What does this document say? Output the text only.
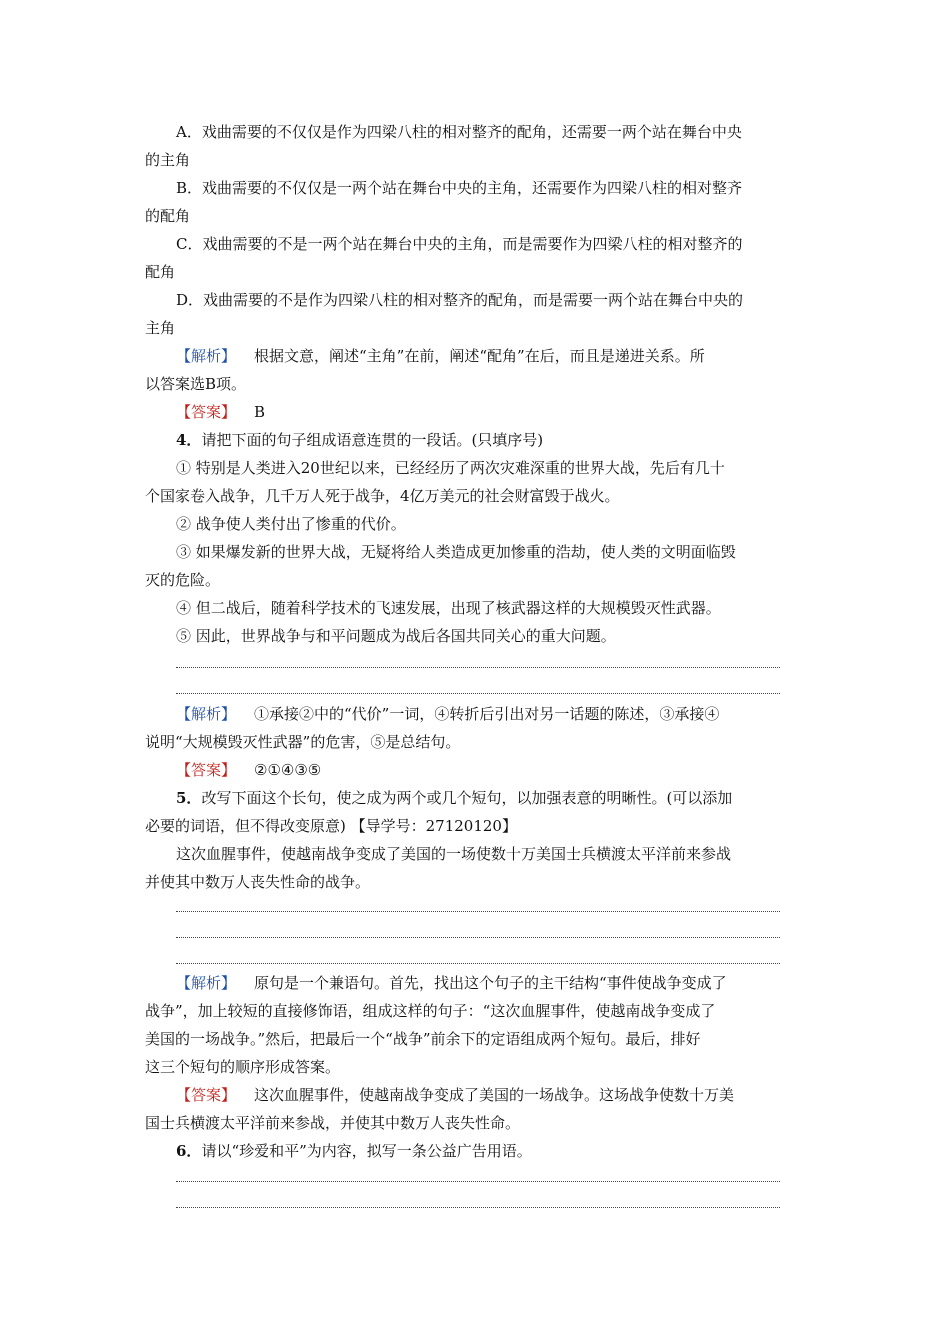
A．戏曲需要的不仅仅是作为四梁八柱的相对整齐的配角，还需要一两个站在舞台中央
的主角
B．戏曲需要的不仅仅是一两个站在舞台中央的主角，还需要作为四梁八柱的相对整齐
的配角
C．戏曲需要的不是一两个站在舞台中央的主角，而是需要作为四梁八柱的相对整齐的
配角
D．戏曲需要的不是作为四梁八柱的相对整齐的配角，而是需要一两个站在舞台中央的
主角
【解析】 根据文意，阐述“主角”在前，阐述“配角”在后，而且是递进关系。所
以答案选B项。
【答案】 B
4．请把下面的句子组成语意连贯的一段话。(只填序号)
① 特别是人类进入20世纪以来，已经经历了两次灾难深重的世界大战，先后有几十
个国家卷入战争，几千万人死于战争，4亿万美元的社会财富毁于战火。
② 战争使人类付出了惨重的代价。
③ 如果爆发新的世界大战，无疑将给人类造成更加惨重的浩劫，使人类的文明面临毁
灭的危险。
④ 但二战后，随着科学技术的飞速发展，出现了核武器这样的大规模毁灭性武器。
⑤ 因此，世界战争与和平问题成为战后各国共同关心的重大问题。
【解析】 ①承接②中的“代价”一词，④转折后引出对另一话题的陈述，③承接④
说明“大规模毁灭性武器”的危害，⑤是总结句。
【答案】 ②①④③⑤
5．改写下面这个长句，使之成为两个或几个短句，以加强表意的明晰性。(可以添加
必要的词语，但不得改变原意) 【导学号：27120120】
这次血腥事件，使越南战争变成了美国的一场使数十万美国士兵横渡太平洋前来参战
并使其中数万人丧失性命的战争。
【解析】 原句是一个兼语句。首先，找出这个句子的主干结构“事件使战争变成了
战争”，加上较短的直接修饰语，组成这样的句子：“这次血腥事件，使越南战争变成了
美国的一场战争。”然后，把最后一个“战争”前余下的定语组成两个短句。最后，排好
这三个短句的顺序形成答案。
【答案】 这次血腥事件，使越南战争变成了美国的一场战争。这场战争使数十万美
国士兵横渡太平洋前来参战，并使其中数万人丧失性命。
6．请以“珍爱和平”为内容，拟写一条公益广告用语。
